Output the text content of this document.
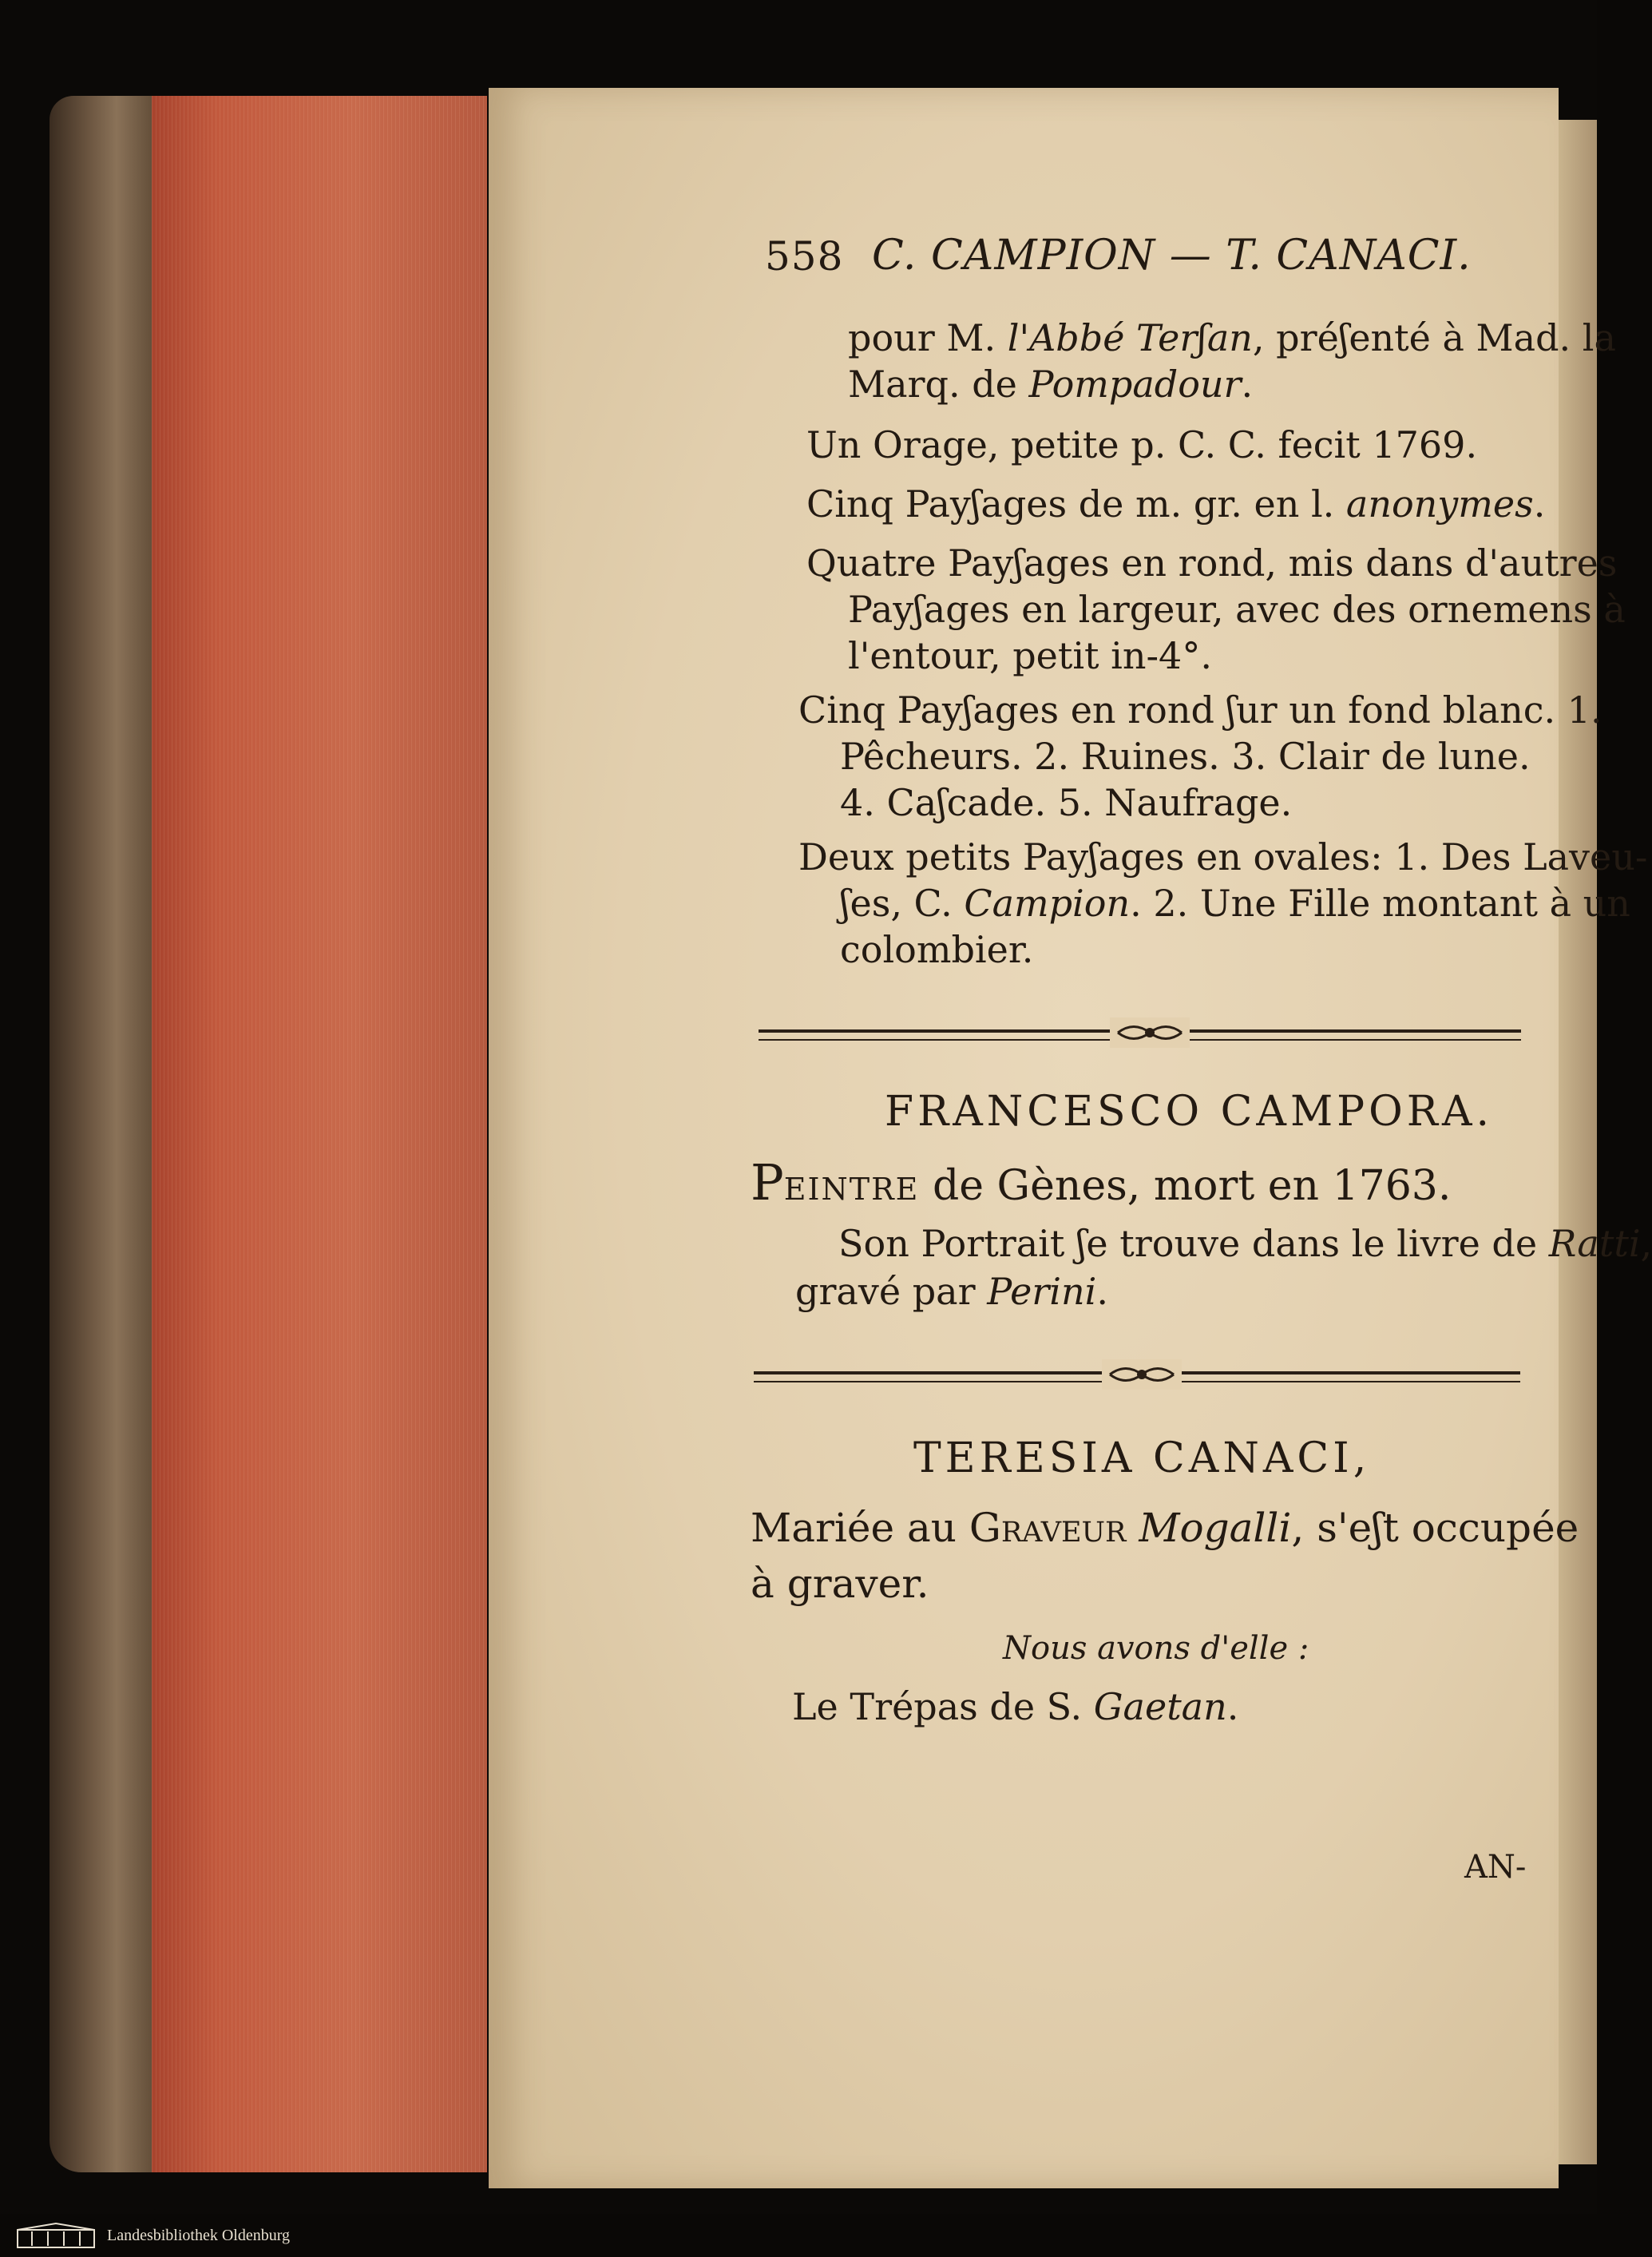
558 C. CAMPION — T. CANACI.
pour M. l'Abbé Terʃan, préʃenté à Mad. la
Marq. de Pompadour.
Un Orage, petite p. C. C. fecit 1769.
Cinq Payʃages de m. gr. en l. anonymes.
Quatre Payʃages en rond, mis dans d'autres
Payʃages en largeur, avec des ornemens à
l'entour, petit in-4°.
Cinq Payʃages en rond ʃur un fond blanc. 1.
Pêcheurs. 2. Ruines. 3. Clair de lune.
4. Caʃcade. 5. Naufrage.
Deux petits Payʃages en ovales: 1. Des Laveu-
ʃes, C. Campion. 2. Une Fille montant à un
colombier.
FRANCESCO CAMPORA.
PEINTRE de Gènes, mort en 1763.
Son Portrait ʃe trouve dans le livre de Ratti,
gravé par Perini.
TERESIA CANACI,
Mariée au Graveur Mogalli, s'eʃt occupée
à graver.
Nous avons d'elle :
Le Trépas de S. Gaetan.
AN-
Landesbibliothek Oldenburg
